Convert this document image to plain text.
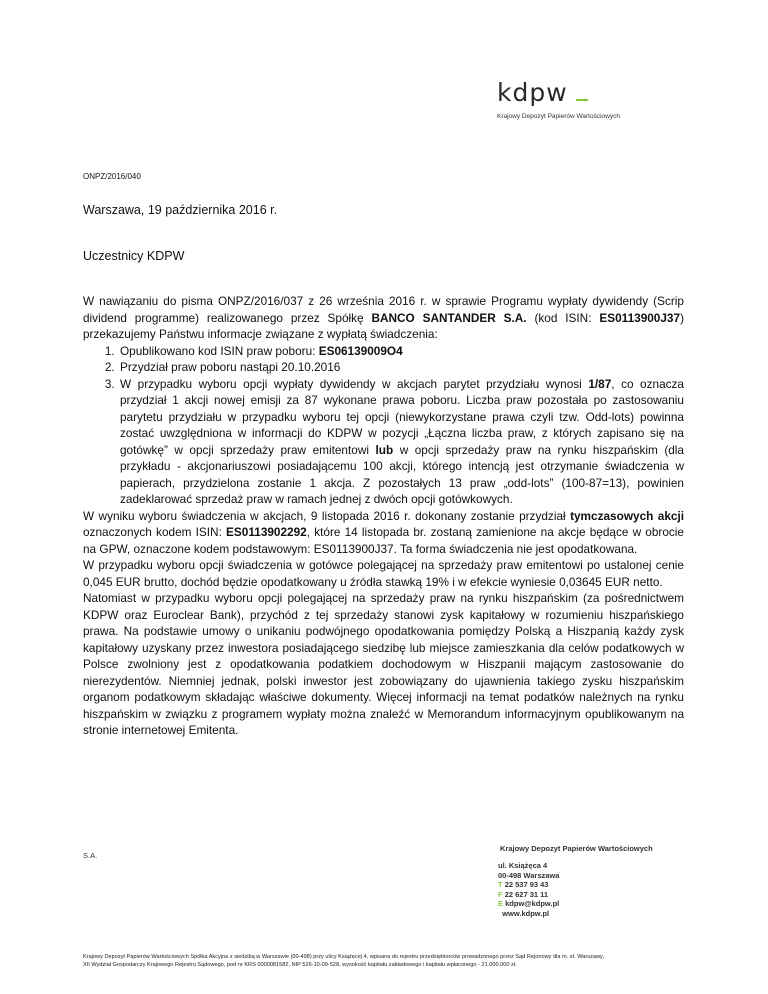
kdpw
Krajowy Depozyt Papierów Wartościowych
ONPZ/2016/040
Warszawa, 19 października 2016 r.
Uczestnicy KDPW

W nawiązaniu do pisma ONPZ/2016/037 z 26 września 2016 r. w sprawie Programu wypłaty dywidendy (Scrip dividend programme) realizowanego przez Spółkę BANCO SANTANDER S.A. (kod ISIN: ES0113900J37) przekazujemy Państwu informacje związane z wypłatą świadczenia:

1. Opublikowano kod ISIN praw poboru: ES06139009O4
2. Przydział praw poboru nastąpi 20.10.2016
3. W przypadku wyboru opcji wypłaty dywidendy w akcjach parytet przydziału wynosi 1/87, co oznacza przydział 1 akcji nowej emisji za 87 wykonane prawa poboru. Liczba praw pozostała po zastosowaniu parytetu przydziału w przypadku wyboru tej opcji (niewykorzystane prawa czyli tzw. Odd-lots) powinna zostać uwzględniona w informacji do KDPW w pozycji „Łączna liczba praw, z których zapisano się na gotówkę” w opcji sprzedaży praw emitentowi lub w opcji sprzedaży praw na rynku hiszpańskim (dla przykładu - akcjonariuszowi posiadającemu 100 akcji, którego intencją jest otrzymanie świadczenia w papierach, przydzielona zostanie 1 akcja. Z pozostałych 13 praw „odd-lots” (100-87=13), powinien zadeklarować sprzedaż praw w ramach jednej z dwóch opcji gotówkowych.

W wyniku wyboru świadczenia w akcjach, 9 listopada 2016 r. dokonany zostanie przydział tymczasowych akcji oznaczonych kodem ISIN: ES0113902292, które 14 listopada br. zostaną zamienione na akcje będące w obrocie na GPW, oznaczone kodem podstawowym: ES0113900J37. Ta forma świadczenia nie jest opodatkowana.

W przypadku wyboru opcji świadczenia w gotówce polegającej na sprzedaży praw emitentowi po ustalonej cenie 0,045 EUR brutto, dochód będzie opodatkowany u źródła stawką 19% i w efekcie wyniesie 0,03645 EUR netto.

Natomiast w przypadku wyboru opcji polegającej na sprzedaży praw na rynku hiszpańskim (za pośrednictwem KDPW oraz Euroclear Bank), przychód z tej sprzedaży stanowi zysk kapitałowy w rozumieniu hiszpańskiego prawa. Na podstawie umowy o unikaniu podwójnego opodatkowania pomiędzy Polską a Hiszpanią każdy zysk kapitałowy uzyskany przez inwestora posiadającego siedzibę lub miejsce zamieszkania dla celów podatkowych w Polsce zwolniony jest z opodatkowania podatkiem dochodowym w Hiszpanii mającym zastosowanie do nierezydentów. Niemniej jednak, polski inwestor jest zobowiązany do ujawnienia takiego zysku hiszpańskim organom podatkowym składając właściwe dokumenty. Więcej informacji na temat podatków należnych na rynku hiszpańskim w związku z programem wypłaty można znaleźć w Memorandum informacyjnym opublikowanym na stronie internetowej Emitenta.

Krajowy Depozyt Papierów Wartościowych
S.A.
ul. Książęca 4
00-498 Warszawa
T 22 537 93 43
F 22 627 31 11
E kdpw@kdpw.pl
www.kdpw.pl
Krajowy Depozyt Papierów Wartościowych Spółka Akcyjna z siedzibą w Warszawie (00-498) przy ulicy Książęcej 4, wpisana do rejestru przedsiębiorców prowadzonego przez Sąd Rejonowy dla m. st. Warszawy,
XII Wydział Gospodarczy Krajowego Rejestru Sądowego, pod nr KRS 0000081582, NIP 526-10-09-528, wysokość kapitału zakładowego i kapitału wpłaconego - 21.000.000 zł.
